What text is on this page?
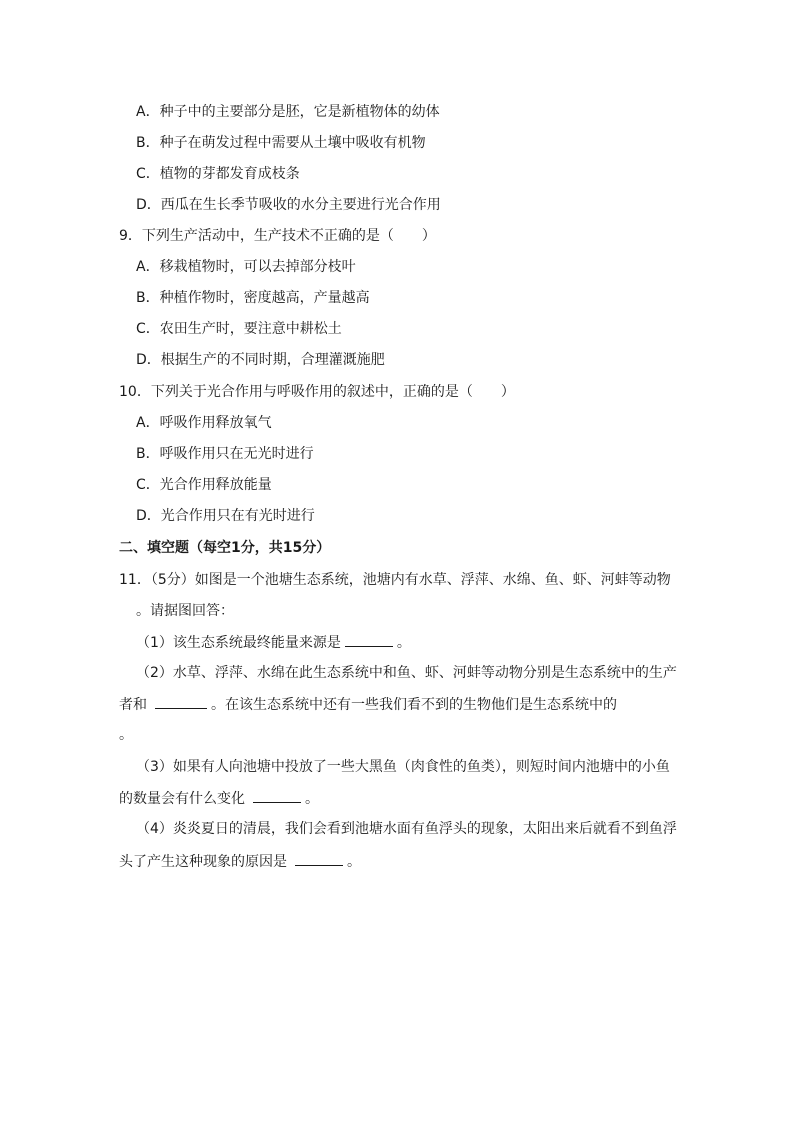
A．种子中的主要部分是胚，它是新植物体的幼体
B．种子在萌发过程中需要从土壤中吸收有机物
C．植物的芽都发育成枝条
D．西瓜在生长季节吸收的水分主要进行光合作用
9．下列生产活动中，生产技术不正确的是（ ）
A．移栽植物时，可以去掉部分枝叶
B．种植作物时，密度越高，产量越高
C．农田生产时，要注意中耕松土
D．根据生产的不同时期，合理灌溉施肥
10．下列关于光合作用与呼吸作用的叙述中，正确的是（ ）
A．呼吸作用释放氧气
B．呼吸作用只在无光时进行
C．光合作用释放能量
D．光合作用只在有光时进行
二、填空题（每空1分，共15分）
11．（5分）如图是一个池塘生态系统，池塘内有水草、浮萍、水绵、鱼、虾、河蚌等动物
。请据图回答：
（1）该生态系统最终能量来源是	。
（2）水草、浮萍、水绵在此生态系统中和鱼、虾、河蚌等动物分别是生态系统中的生产
者和	。在该生态系统中还有一些我们看不到的生物他们是生态系统中的
。
（3）如果有人向池塘中投放了一些大黑鱼（肉食性的鱼类），则短时间内池塘中的小鱼
的数量会有什么变化	。
（4）炎炎夏日的清晨，我们会看到池塘水面有鱼浮头的现象，太阳出来后就看不到鱼浮
头了产生这种现象的原因是	。
